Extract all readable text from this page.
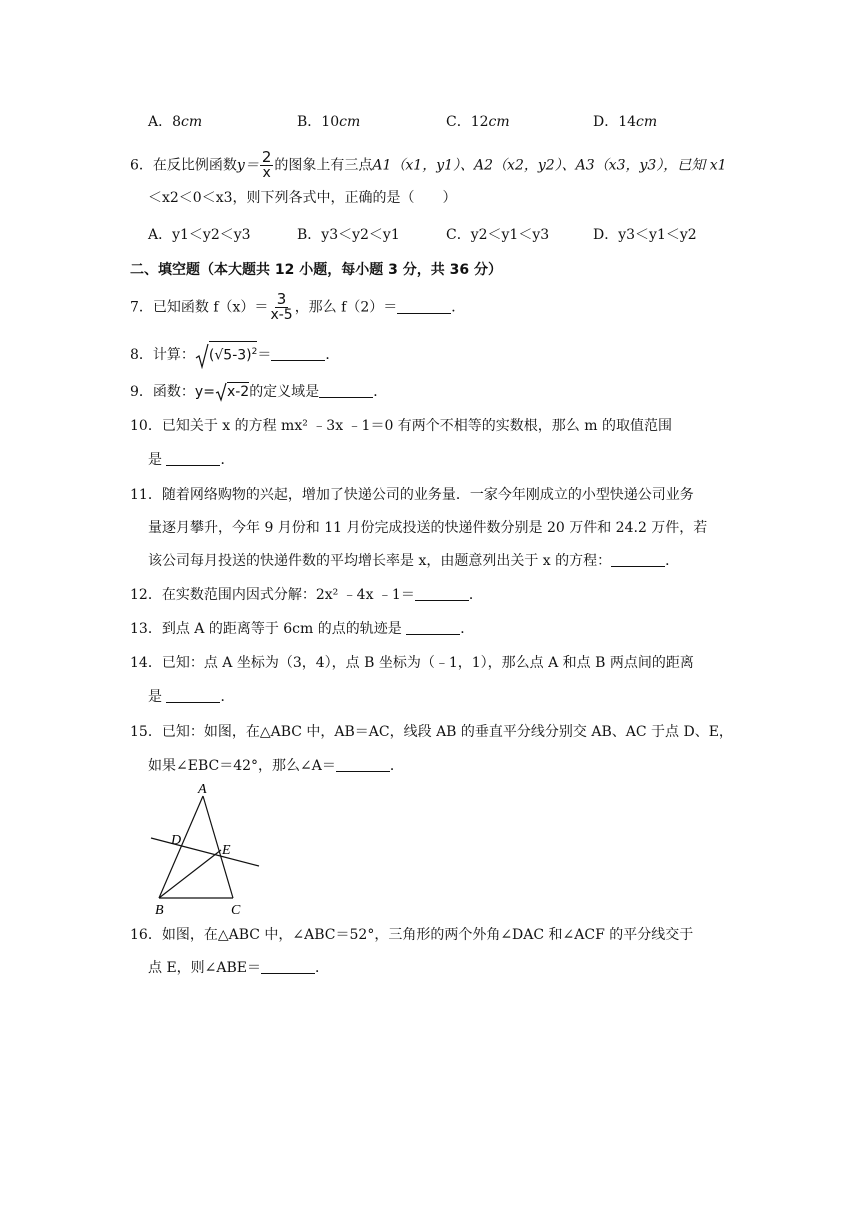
A．8cm	B．10cm	C．12cm	D．14cm
6．在反比例函数$y= \frac{2}{x}$ 的图象上有三点A1（x1，y1）、A2（x2，y2）、A3（x3，y3），已知 x1
＜x2＜0＜x3，则下列各式中，正确的是（　　）
A．y1＜y2＜y3	B．y3＜y2＜y1	C．y2＜y1＜y3	D．y3＜y1＜y2
二、填空题（本大题共 12 小题，每小题 3 分，共 36 分）
7．已知函数 $f(x)= \frac{3}{x-5}$ ，那么 f（2）＝	．
8．计算： $(√5-3)^2=$	．
9．函数：y= x-2的定义域是	．
10．已知关于 x 的方程 mx² ﹣3x ﹣1＝0 有两个不相等的实数根，那么 m 的取值范围
是	．
11．随着网络购物的兴起，增加了快递公司的业务量．一家今年刚成立的小型快递公司业务
量逐月攀升，今年 9 月份和 11 月份完成投送的快递件数分别是 20 万件和 24.2 万件，若
该公司每月投送的快递件数的平均增长率是 x，由题意列出关于 x 的方程：	．
12．在实数范围内因式分解：2x² ﹣4x ﹣1＝	．
13．到点 A 的距离等于 6cm 的点的轨迹是	．
14．已知：点 A 坐标为（3，4），点 B 坐标为（﹣1，1），那么点 A 和点 B 两点间的距离
是	．
15．已知：如图，在△ABC 中，AB＝AC，线段 AB 的垂直平分线分别交 AB、AC 于点 D、E，
如果∠EBC＝42°，那么∠A＝	．
A
D
E
B	C
16．如图，在△ABC 中，∠ABC＝52°，三角形的两个外角∠DAC 和∠ACF 的平分线交于
点 E，则∠ABE＝	．
